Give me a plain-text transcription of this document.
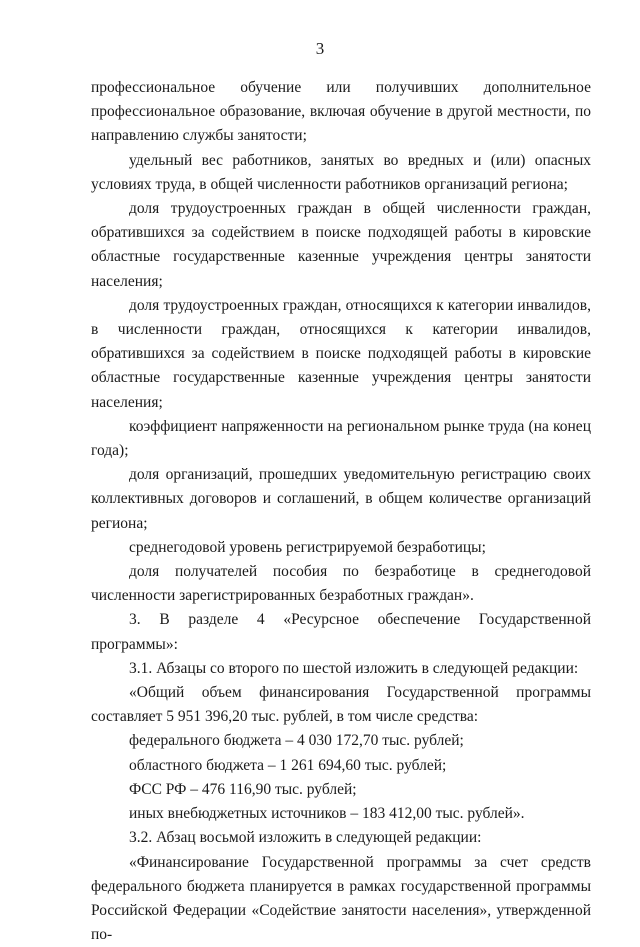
3

профессиональное обучение или получивших дополнительное профессиональное образование, включая обучение в другой местности, по направлению службы занятости;

удельный вес работников, занятых во вредных и (или) опасных условиях труда, в общей численности работников организаций региона;

доля трудоустроенных граждан в общей численности граждан, обратившихся за содействием в поиске подходящей работы в кировские областные государственные казенные учреждения центры занятости населения;

доля трудоустроенных граждан, относящихся к категории инвалидов, в численности граждан, относящихся к категории инвалидов, обратившихся за содействием в поиске подходящей работы в кировские областные государственные казенные учреждения центры занятости населения;

коэффициент напряженности на региональном рынке труда (на конец года);

доля организаций, прошедших уведомительную регистрацию своих коллективных договоров и соглашений, в общем количестве организаций региона;

среднегодовой уровень регистрируемой безработицы;

доля получателей пособия по безработице в среднегодовой численности зарегистрированных безработных граждан».

3. В разделе 4 «Ресурсное обеспечение Государственной программы»:

3.1. Абзацы со второго по шестой изложить в следующей редакции:

«Общий объем финансирования Государственной программы составляет 5 951 396,20 тыс. рублей, в том числе средства:

федерального бюджета – 4 030 172,70 тыс. рублей;

областного бюджета – 1 261 694,60 тыс. рублей;

ФСС РФ – 476 116,90 тыс. рублей;

иных внебюджетных источников – 183 412,00 тыс. рублей».

3.2. Абзац восьмой изложить в следующей редакции:

«Финансирование Государственной программы за счет средств федерального бюджета планируется в рамках государственной программы Российской Федерации «Содействие занятости населения», утвержденной по-
